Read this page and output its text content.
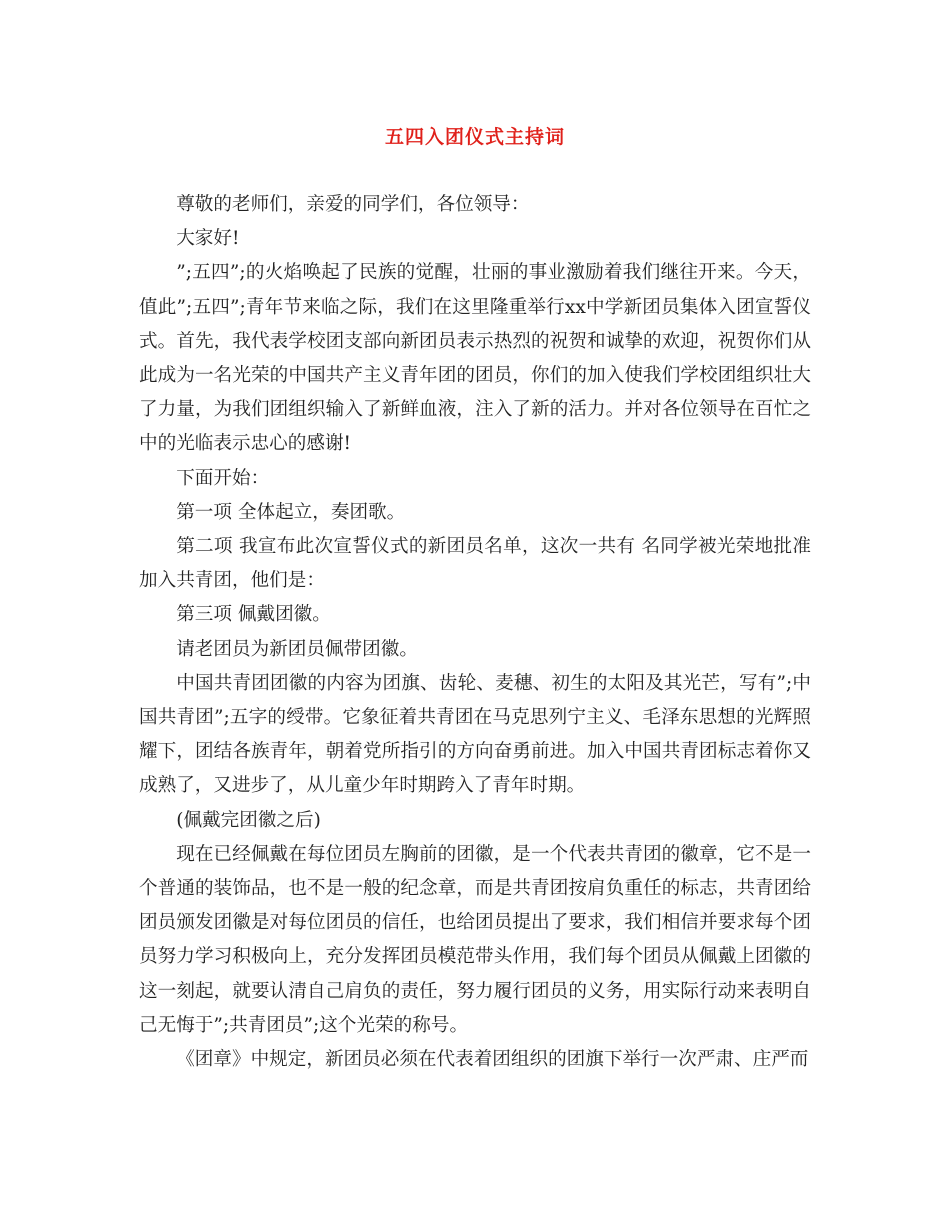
五四入团仪式主持词

尊敬的老师们，亲爱的同学们，各位领导：

大家好!

”;五四”;的火焰唤起了民族的觉醒，壮丽的事业激励着我们继往开来。今天，值此”;五四”;青年节来临之际，我们在这里隆重举行xx中学新团员集体入团宣誓仪式。首先，我代表学校团支部向新团员表示热烈的祝贺和诚挚的欢迎，祝贺你们从此成为一名光荣的中国共产主义青年团的团员，你们的加入使我们学校团组织壮大了力量，为我们团组织输入了新鲜血液，注入了新的活力。并对各位领导在百忙之中的光临表示忠心的感谢!

下面开始：

第一项 全体起立，奏团歌。

第二项 我宣布此次宣誓仪式的新团员名单，这次一共有 名同学被光荣地批准加入共青团，他们是：

第三项 佩戴团徽。

请老团员为新团员佩带团徽。

中国共青团团徽的内容为团旗、齿轮、麦穗、初生的太阳及其光芒，写有”;中国共青团”;五字的绶带。它象征着共青团在马克思列宁主义、毛泽东思想的光辉照耀下，团结各族青年，朝着党所指引的方向奋勇前进。加入中国共青团标志着你又成熟了，又进步了，从儿童少年时期跨入了青年时期。

(佩戴完团徽之后)

现在已经佩戴在每位团员左胸前的团徽，是一个代表共青团的徽章，它不是一个普通的装饰品，也不是一般的纪念章，而是共青团按肩负重任的标志，共青团给团员颁发团徽是对每位团员的信任，也给团员提出了要求，我们相信并要求每个团员努力学习积极向上，充分发挥团员模范带头作用，我们每个团员从佩戴上团徽的这一刻起，就要认清自己肩负的责任，努力履行团员的义务，用实际行动来表明自己无悔于”;共青团员”;这个光荣的称号。

《团章》中规定，新团员必须在代表着团组织的团旗下举行一次严肃、庄严而
